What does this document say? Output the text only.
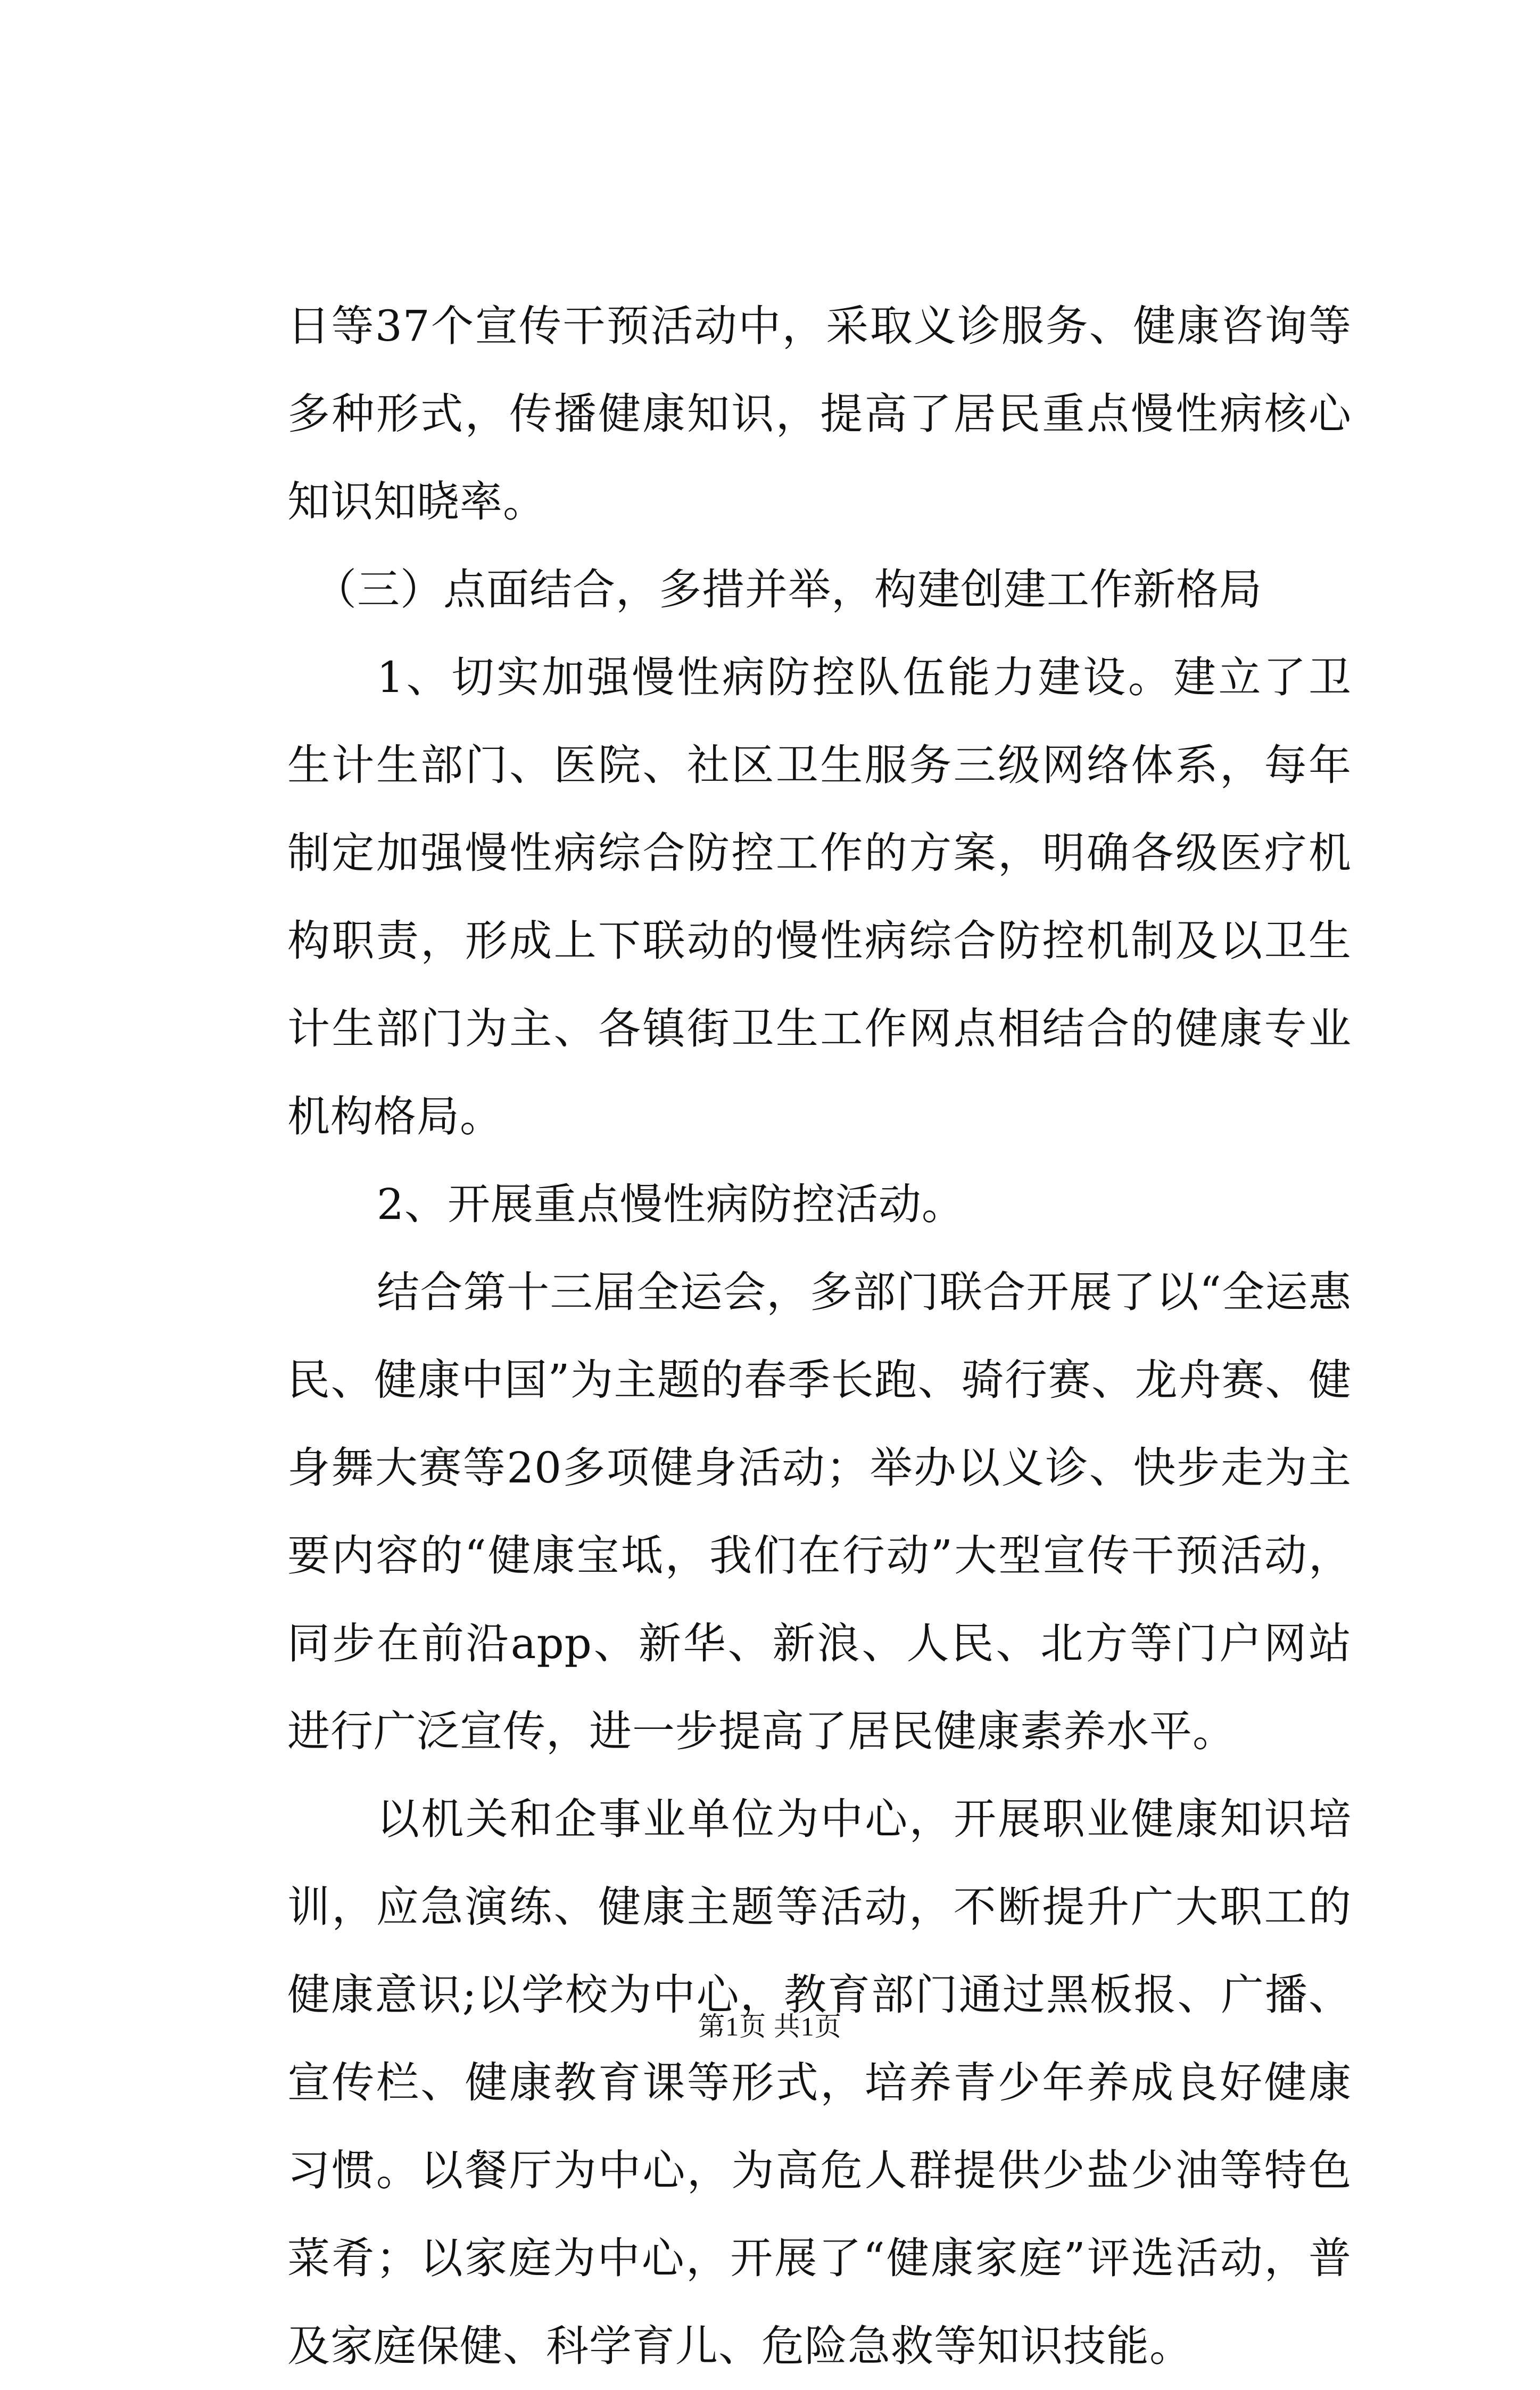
日等37个宣传干预活动中，采取义诊服务、健康咨询等多种形式，传播健康知识，提高了居民重点慢性病核心知识知晓率。

（三）点面结合，多措并举，构建创建工作新格局

1、切实加强慢性病防控队伍能力建设。建立了卫生计生部门、医院、社区卫生服务三级网络体系，每年制定加强慢性病综合防控工作的方案，明确各级医疗机构职责，形成上下联动的慢性病综合防控机制及以卫生计生部门为主、各镇街卫生工作网点相结合的健康专业机构格局。

2、开展重点慢性病防控活动。

结合第十三届全运会，多部门联合开展了以“全运惠民、健康中国”为主题的春季长跑、骑行赛、龙舟赛、健身舞大赛等20多项健身活动；举办以义诊、快步走为主要内容的“健康宝坻，我们在行动”大型宣传干预活动，同步在前沿app、新华、新浪、人民、北方等门户网站进行广泛宣传，进一步提高了居民健康素养水平。

以机关和企事业单位为中心，开展职业健康知识培训，应急演练、健康主题等活动，不断提升广大职工的健康意识;以学校为中心，教育部门通过黑板报、广播、宣传栏、健康教育课等形式，培养青少年养成良好健康习惯。以餐厅为中心，为高危人群提供少盐少油等特色菜肴；以家庭为中心，开展了“健康家庭”评选活动，普及家庭保健、科学育儿、危险急救等知识技能。

第1页 共1页
